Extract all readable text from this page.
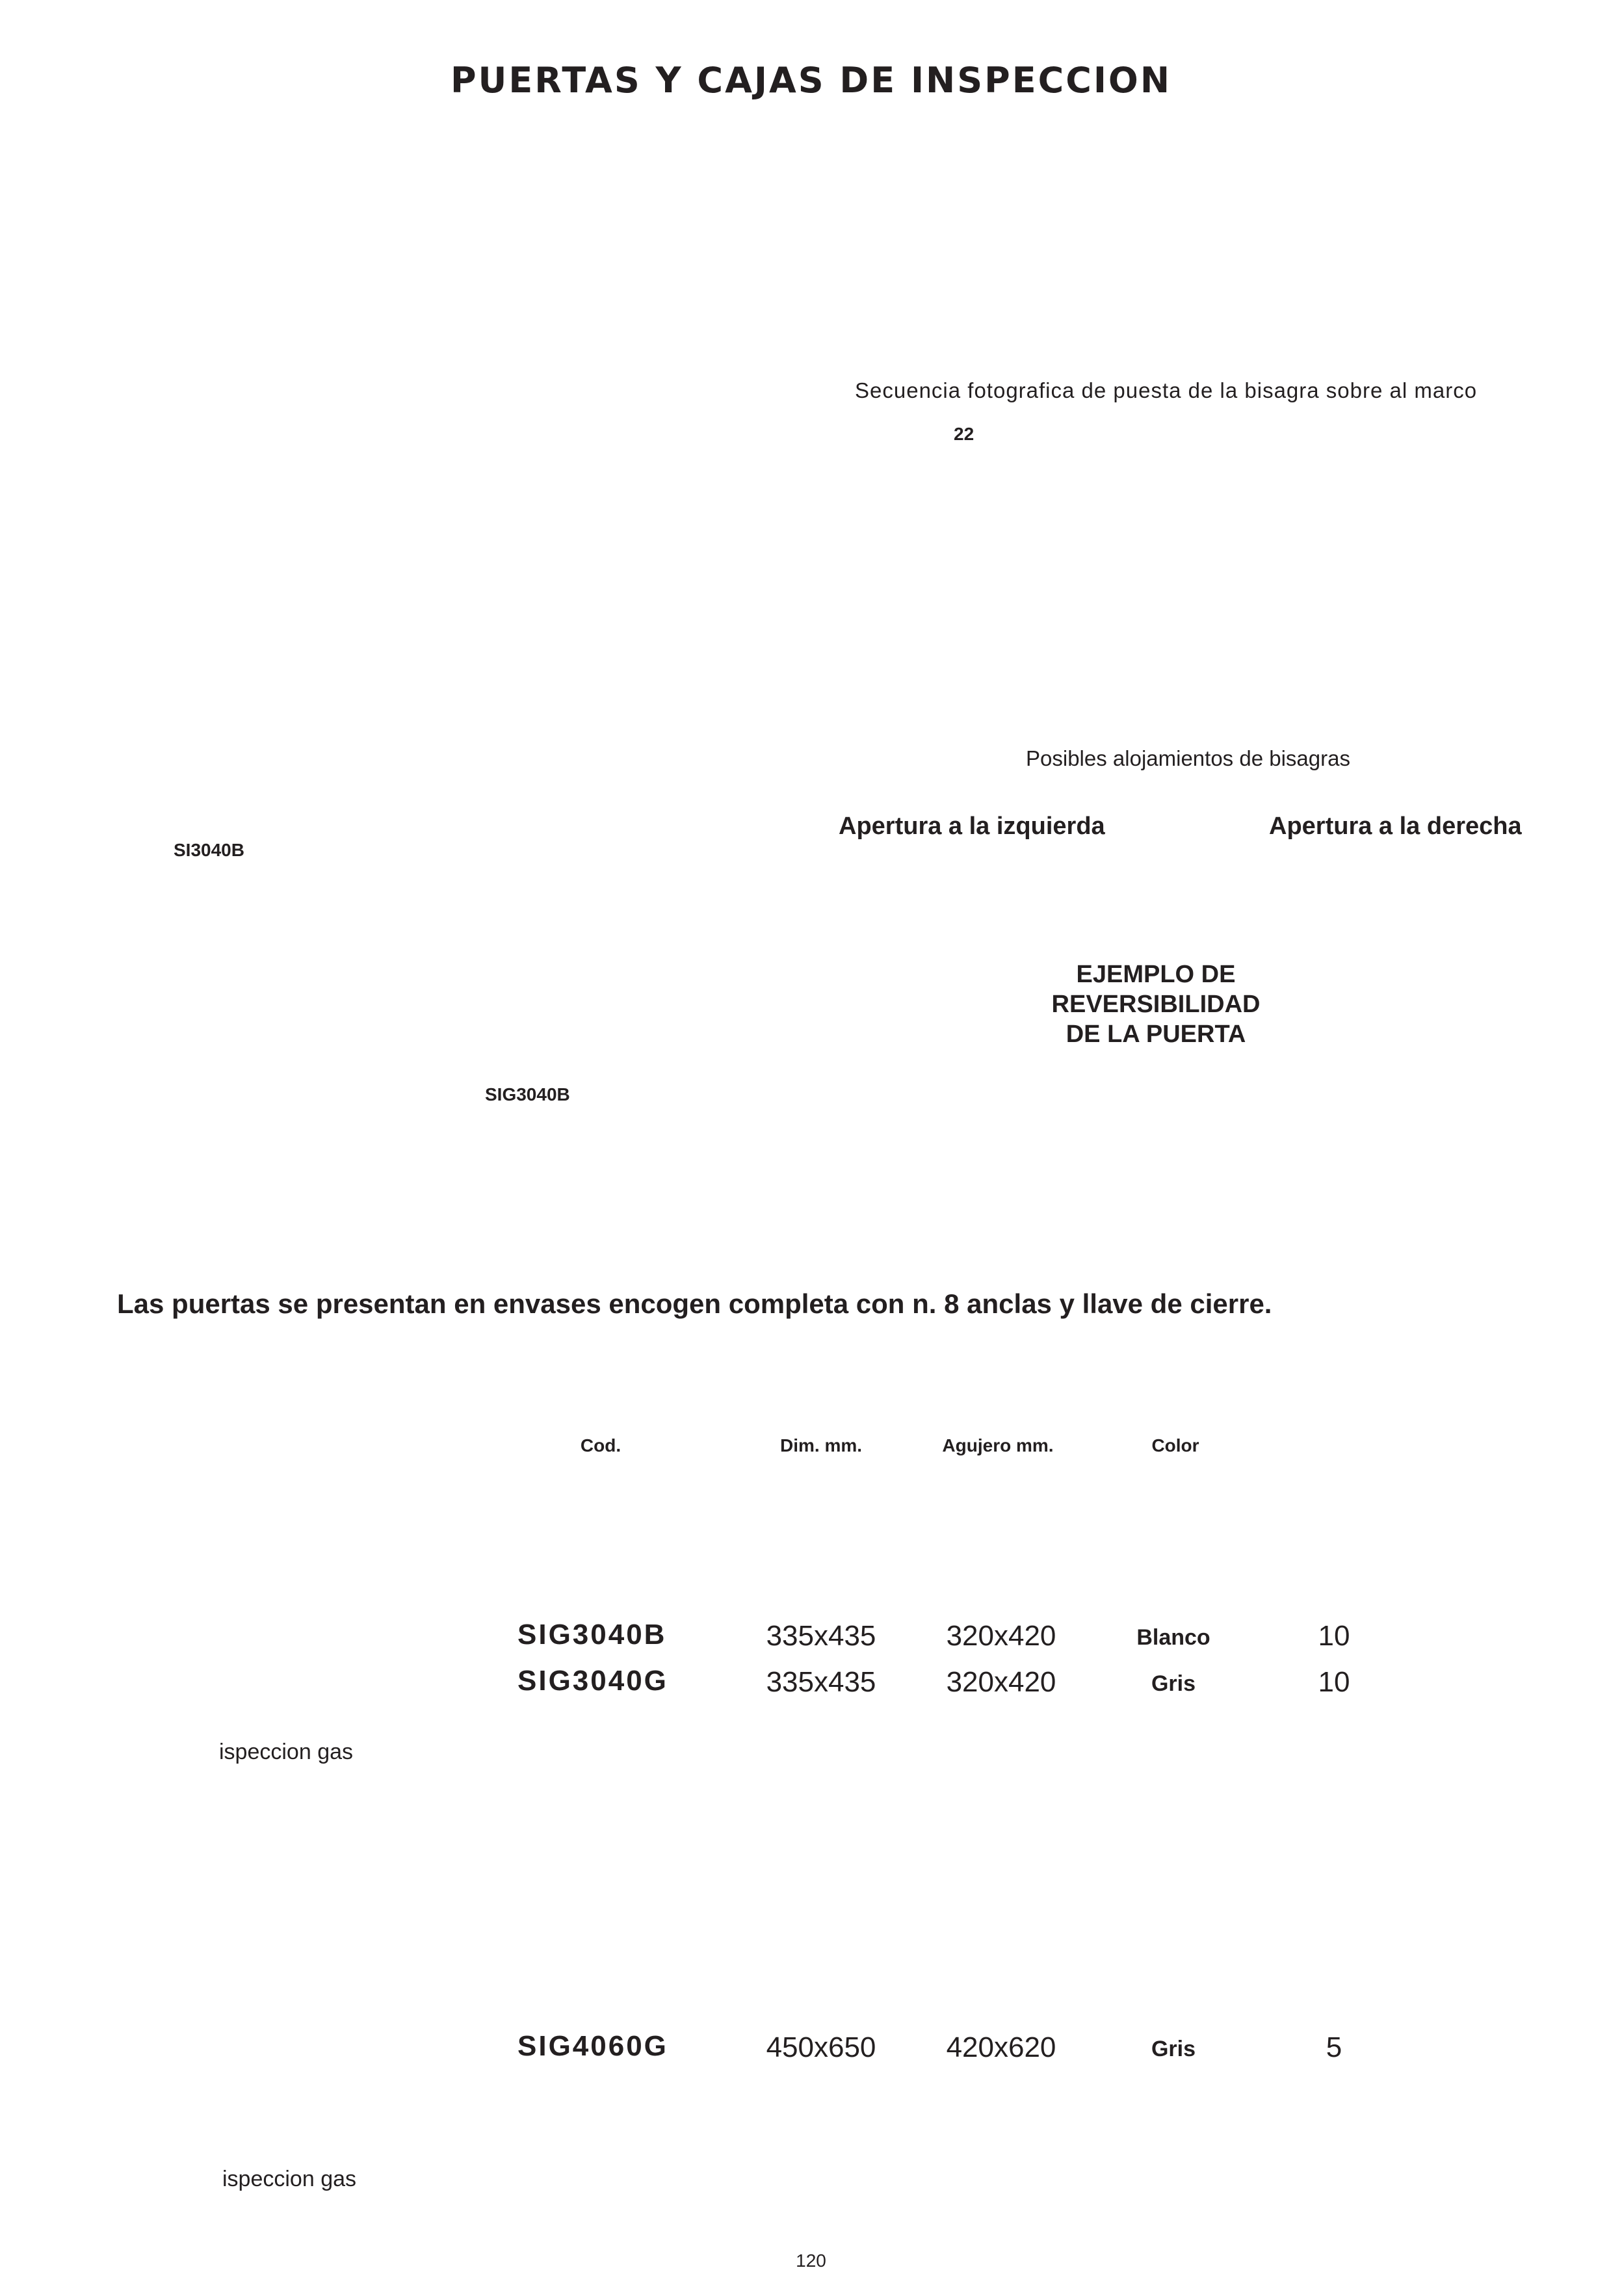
PUERTAS Y CAJAS DE INSPECCION
Secuencia fotografica de puesta de la bisagra sobre al marco
22
Posibles alojamientos de bisagras
Apertura a la izquierda	Apertura a la derecha
SI3040B
EJEMPLO DE
REVERSIBILIDAD
DE LA PUERTA
SIG3040B
Las puertas se presentan en envases encogen completa con n. 8 anclas y llave de cierre.
Cod.	Dim. mm.	Agujero mm.	Color
SIG3040B	335x435	320x420	Blanco	10
SIG3040G	335x435	320x420	Gris	10
ispeccion gas
SIG4060G	450x650	420x620	Gris	5
ispeccion gas
120
